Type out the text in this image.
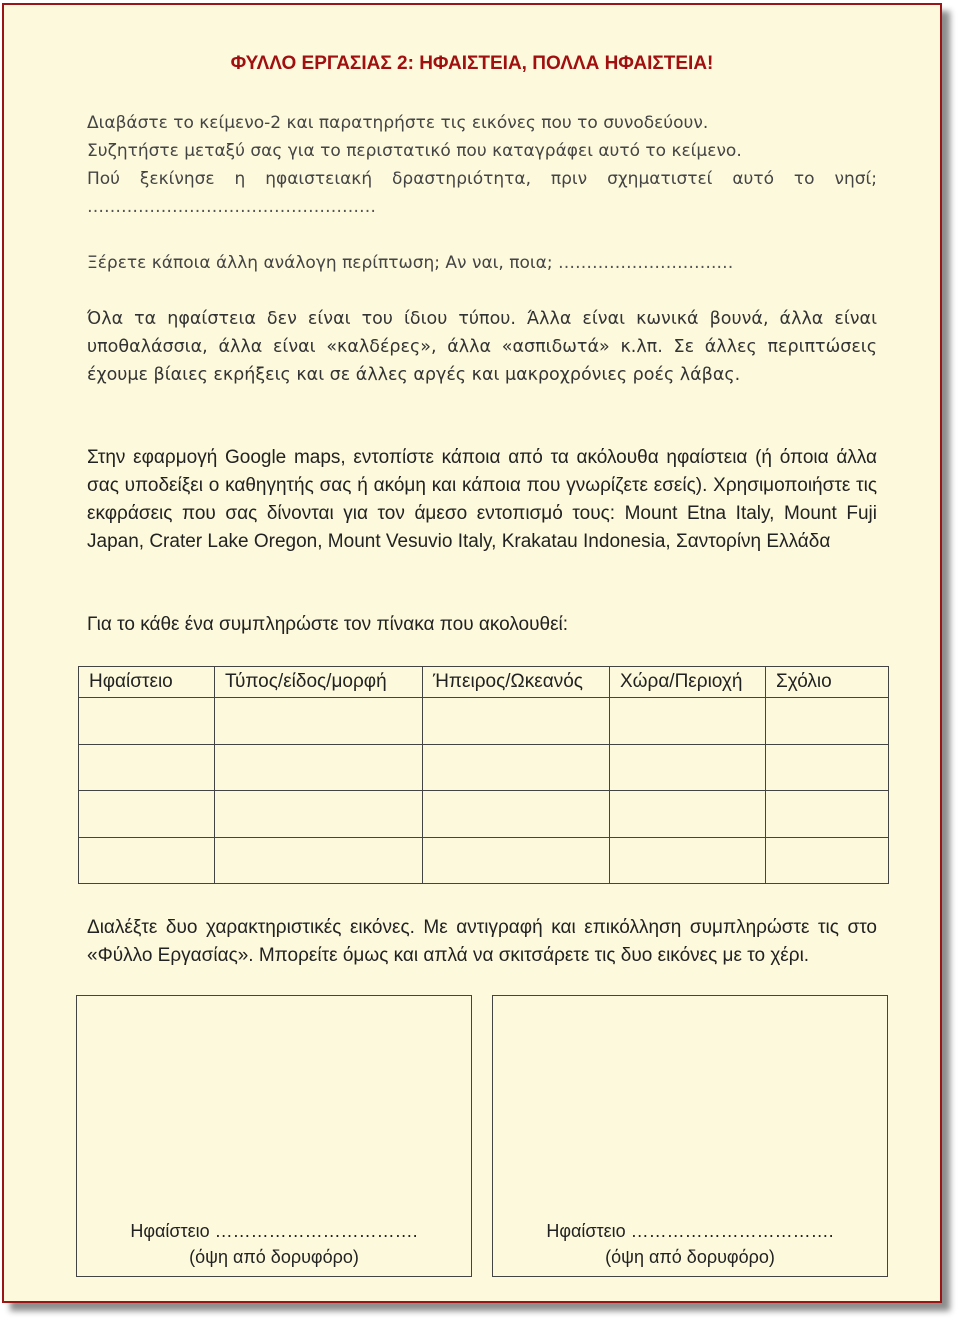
ΦΥΛΛΟ ΕΡΓΑΣΙΑΣ 2: ΗΦΑΙΣΤΕΙΑ, ΠΟΛΛΑ ΗΦΑΙΣΤΕΙΑ!
Διαβάστε το κείμενο-2 και παρατηρήστε τις εικόνες που το συνοδεύουν.
Συζητήστε μεταξύ σας για το περιστατικό που καταγράφει αυτό το κείμενο.
Πού ξεκίνησε η ηφαιστειακή δραστηριότητα, πριν σχηματιστεί αυτό το νησί;
……………………………………………
Ξέρετε κάποια άλλη ανάλογη περίπτωση; Αν ναι, ποια; ……………………….…

Όλα τα ηφαίστεια δεν είναι του ίδιου τύπου. Άλλα είναι κωνικά βουνά, άλλα είναι υποθαλάσσια, άλλα είναι «καλδέρες», άλλα «ασπιδωτά» κ.λπ. Σε άλλες περιπτώσεις έχουμε βίαιες εκρήξεις και σε άλλες αργές και μακροχρόνιες ροές λάβας.

Στην εφαρμογή Google maps, εντοπίστε κάποια από τα ακόλουθα ηφαίστεια (ή όποια άλλα σας υποδείξει ο καθηγητής σας ή ακόμη και κάποια που γνωρίζετε εσείς). Χρησιμοποιήστε τις εκφράσεις που σας δίνονται για τον άμεσο εντοπισμό τους: Mount Etna Italy, Mount Fuji Japan, Crater Lake Oregon, Mount Vesuvio Italy, Krakatau Indonesia, Σαντορίνη Ελλάδα

Για το κάθε ένα συμπληρώστε τον πίνακα που ακολουθεί:

Ηφαίστειο	Τύπος/είδος/μορφή	Ήπειρος/Ωκεανός	Χώρα/Περιοχή	Σχόλιο

Διαλέξτε δυο χαρακτηριστικές εικόνες. Με αντιγραφή και επικόλληση συμπληρώστε τις στο «Φύλλο Εργασίας». Μπορείτε όμως και απλά να σκιτσάρετε τις δυο εικόνες με το χέρι.

Ηφαίστειο …………………………….
(όψη από δορυφόρο)
Ηφαίστειο …………………………….
(όψη από δορυφόρο)
